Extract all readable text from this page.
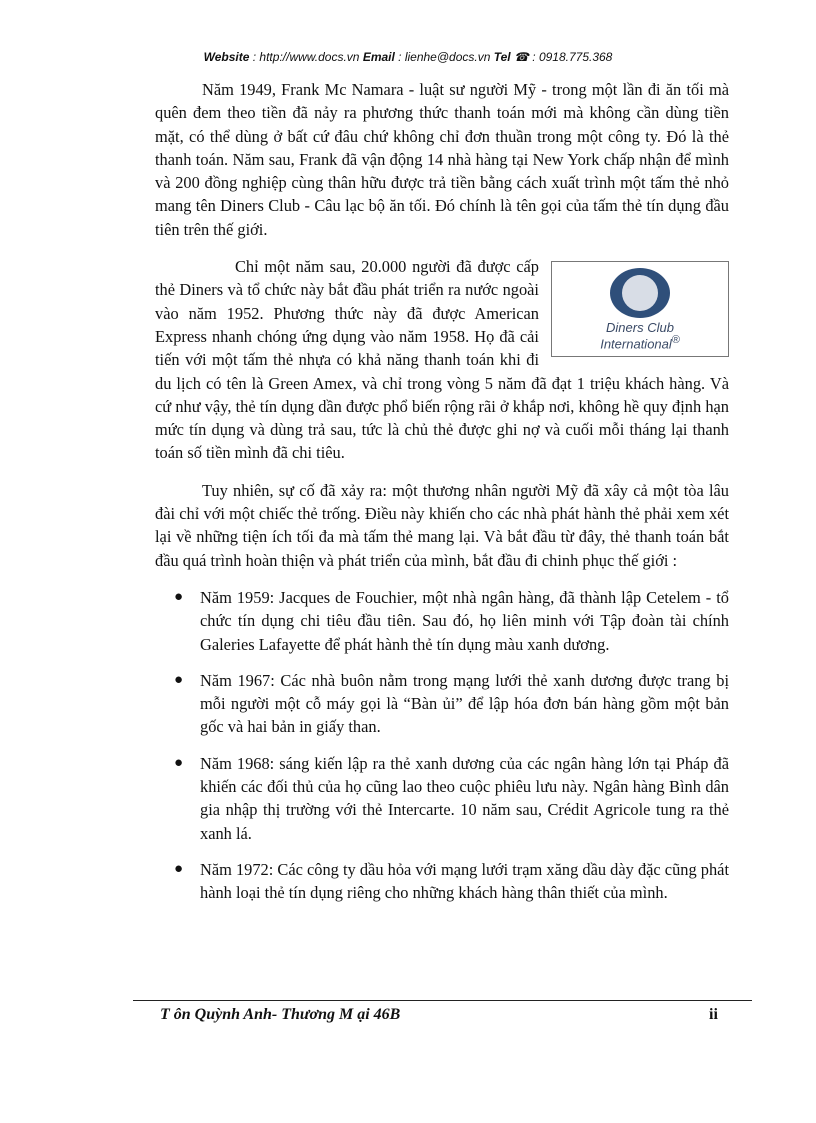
Website : http://www.docs.vn Email : lienhe@docs.vn Tel ☎ : 0918.775.368

Năm 1949, Frank Mc Namara - luật sư người Mỹ - trong một lần đi ăn tối mà quên đem theo tiền đã nảy ra phương thức thanh toán mới mà không cần dùng tiền mặt, có thể dùng ở bất cứ đâu chứ không chỉ đơn thuần trong một công ty. Đó là thẻ thanh toán. Năm sau, Frank đã vận động 14 nhà hàng tại New York chấp nhận để mình và 200 đồng nghiệp cùng thân hữu được trả tiền bằng cách xuất trình một tấm thẻ nhỏ mang tên Diners Club - Câu lạc bộ ăn tối. Đó chính là tên gọi của tấm thẻ tín dụng đầu tiên trên thế giới.

Diners Club
International®

Chỉ một năm sau, 20.000 người đã được cấp thẻ Diners và tổ chức này bắt đầu phát triển ra nước ngoài vào năm 1952. Phương thức này đã được American Express nhanh chóng ứng dụng vào năm 1958. Họ đã cải tiến với một tấm thẻ nhựa có khả năng thanh toán khi đi du lịch có tên là Green Amex, và chỉ trong vòng 5 năm đã đạt 1 triệu khách hàng. Và cứ như vậy, thẻ tín dụng dần được phổ biến rộng rãi ở khắp nơi, không hề quy định hạn mức tín dụng và dùng trả sau, tức là chủ thẻ được ghi nợ và cuối mỗi tháng lại thanh toán số tiền mình đã chi tiêu.

Tuy nhiên, sự cố đã xảy ra: một thương nhân người Mỹ đã xây cả một tòa lâu đài chỉ với một chiếc thẻ trống. Điều này khiến cho các nhà phát hành thẻ phải xem xét lại về những tiện ích tối đa mà tấm thẻ mang lại. Và bắt đầu từ đây, thẻ thanh toán bắt đầu quá trình hoàn thiện và phát triển của mình, bắt đầu đi chinh phục thế giới :

● Năm 1959: Jacques de Fouchier, một nhà ngân hàng, đã thành lập Cetelem - tổ chức tín dụng chi tiêu đầu tiên. Sau đó, họ liên minh với Tập đoàn tài chính Galeries Lafayette để phát hành thẻ tín dụng màu xanh dương.
● Năm 1967: Các nhà buôn nằm trong mạng lưới thẻ xanh dương được trang bị mỗi người một cỗ máy gọi là “Bàn ủi” để lập hóa đơn bán hàng gồm một bản gốc và hai bản in giấy than.
● Năm 1968: sáng kiến lập ra thẻ xanh dương của các ngân hàng lớn tại Pháp đã khiến các đối thủ của họ cũng lao theo cuộc phiêu lưu này. Ngân hàng Bình dân gia nhập thị trường với thẻ Intercarte. 10 năm sau, Crédit Agricole tung ra thẻ xanh lá.
● Năm 1972: Các công ty dầu hỏa với mạng lưới trạm xăng dầu dày đặc cũng phát hành loại thẻ tín dụng riêng cho những khách hàng thân thiết của mình.
T ôn Quỳnh Anh- Thương M ại 46B	ii
